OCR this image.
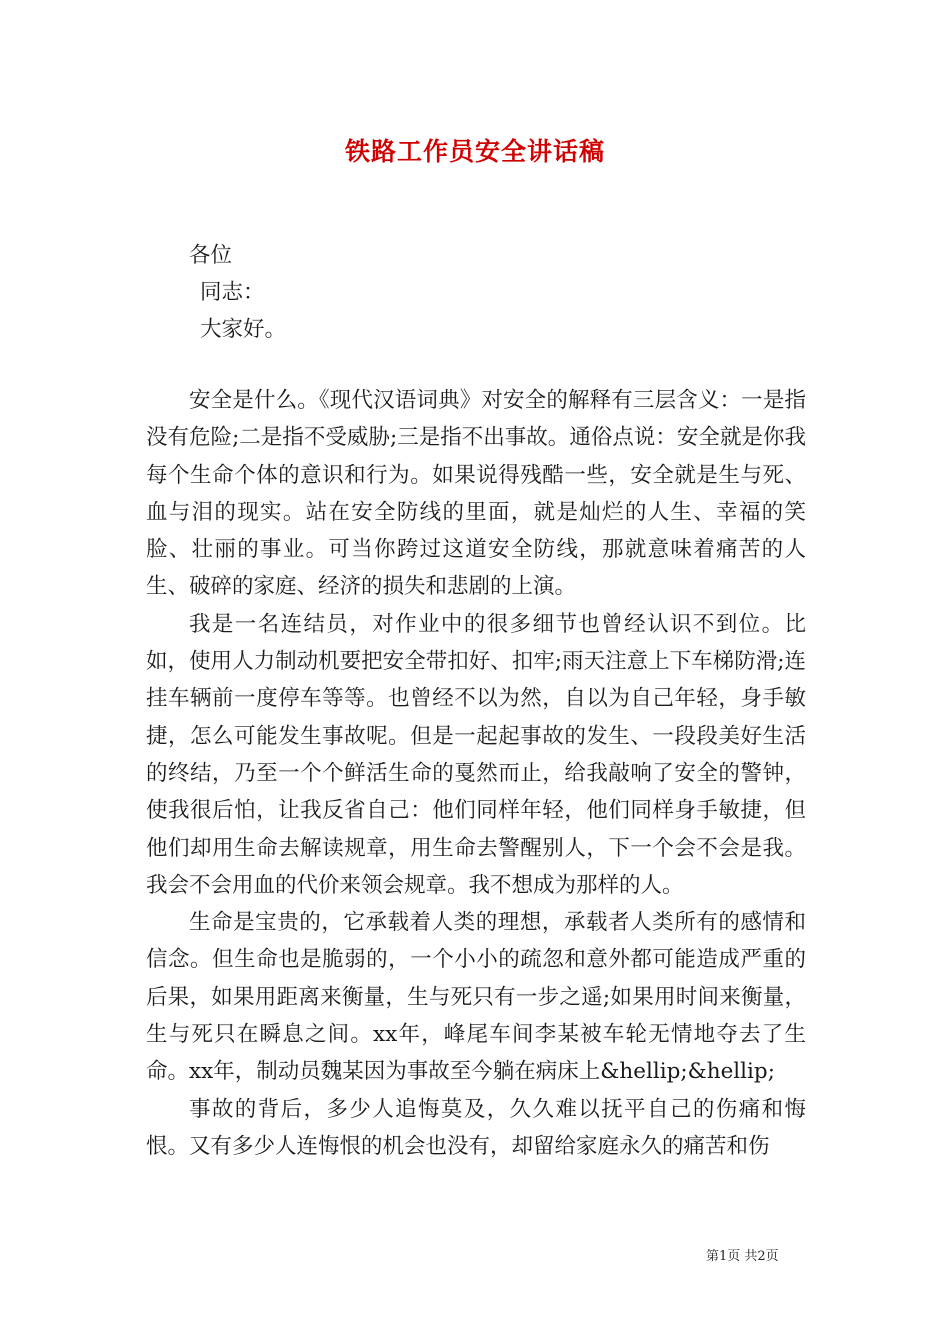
铁路工作员安全讲话稿
各位
同志：
大家好。

安全是什么。《现代汉语词典》对安全的解释有三层含义：一是指没有危险;二是指不受威胁;三是指不出事故。通俗点说：安全就是你我每个生命个体的意识和行为。如果说得残酷一些，安全就是生与死、血与泪的现实。站在安全防线的里面，就是灿烂的人生、幸福的笑脸、壮丽的事业。可当你跨过这道安全防线，那就意味着痛苦的人生、破碎的家庭、经济的损失和悲剧的上演。

我是一名连结员，对作业中的很多细节也曾经认识不到位。比如，使用人力制动机要把安全带扣好、扣牢;雨天注意上下车梯防滑;连挂车辆前一度停车等等。也曾经不以为然，自以为自己年轻，身手敏捷，怎么可能发生事故呢。但是一起起事故的发生、一段段美好生活的终结，乃至一个个鲜活生命的戛然而止，给我敲响了安全的警钟，使我很后怕，让我反省自己：他们同样年轻，他们同样身手敏捷，但他们却用生命去解读规章，用生命去警醒别人，下一个会不会是我。我会不会用血的代价来领会规章。我不想成为那样的人。

生命是宝贵的，它承载着人类的理想，承载者人类所有的感情和信念。但生命也是脆弱的，一个小小的疏忽和意外都可能造成严重的后果，如果用距离来衡量，生与死只有一步之遥;如果用时间来衡量，生与死只在瞬息之间。xx年，峰尾车间李某被车轮无情地夺去了生命。xx年，制动员魏某因为事故至今躺在病床上&hellip;&hellip;

事故的背后，多少人追悔莫及，久久难以抚平自己的伤痛和悔恨。又有多少人连悔恨的机会也没有，却留给家庭永久的痛苦和伤

第1页 共2页
